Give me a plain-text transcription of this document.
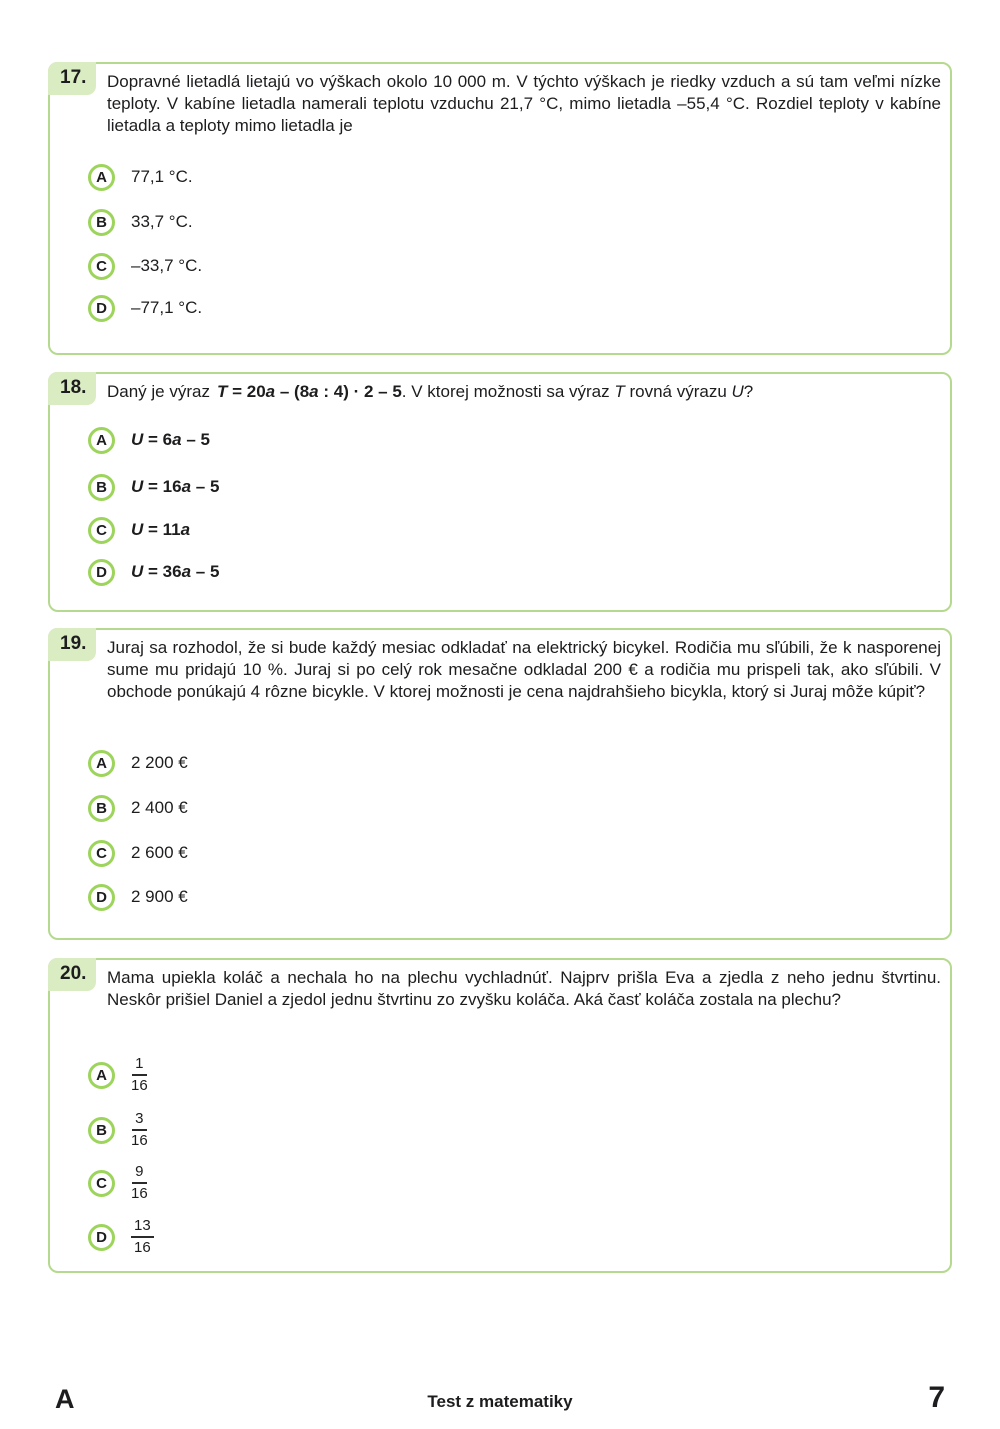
17.	Dopravné lietadlá lietajú vo výškach okolo 10 000 m. V týchto výškach je riedky vzduch a sú tam veľmi nízke teploty. V kabíne lietadla namerali teplotu vzduchu 21,7 °C, mimo lietadla –55,4 °C. Rozdiel teploty v kabíne lietadla a teploty mimo lietadla je

A	77,1 °C.
B	33,7 °C.
C	–33,7 °C.
D	–77,1 °C.
18.	Daný je výraz T = 20a – (8a : 4) · 2 – 5. V ktorej možnosti sa výraz T rovná výrazu U?

A	U = 6a – 5
B	U = 16a – 5
C	U = 11a
D	U = 36a – 5
19.	Juraj sa rozhodol, že si bude každý mesiac odkladať na elektrický bicykel. Rodičia mu sľúbili, že k nasporenej sume mu pridajú 10 %. Juraj si po celý rok mesačne odkladal 200 € a rodičia mu prispeli tak, ako sľúbili. V obchode ponúkajú 4 rôzne bicykle. V ktorej možnosti je cena najdrahšieho bicykla, ktorý si Juraj môže kúpiť?

A	2 200 €
B	2 400 €
C	2 600 €
D	2 900 €
20.	Mama upiekla koláč a nechala ho na plechu vychladnúť. Najprv prišla Eva a zjedla z neho jednu štvrtinu. Neskôr prišiel Daniel a zjedol jednu štvrtinu zo zvyšku koláča. Aká časť koláča zostala na plechu?

A	$\frac{1}{16}$
B	$\frac{3}{16}$
C	$\frac{9}{16}$
D	$\frac{13}{16}$
A	Test z matematiky	7
